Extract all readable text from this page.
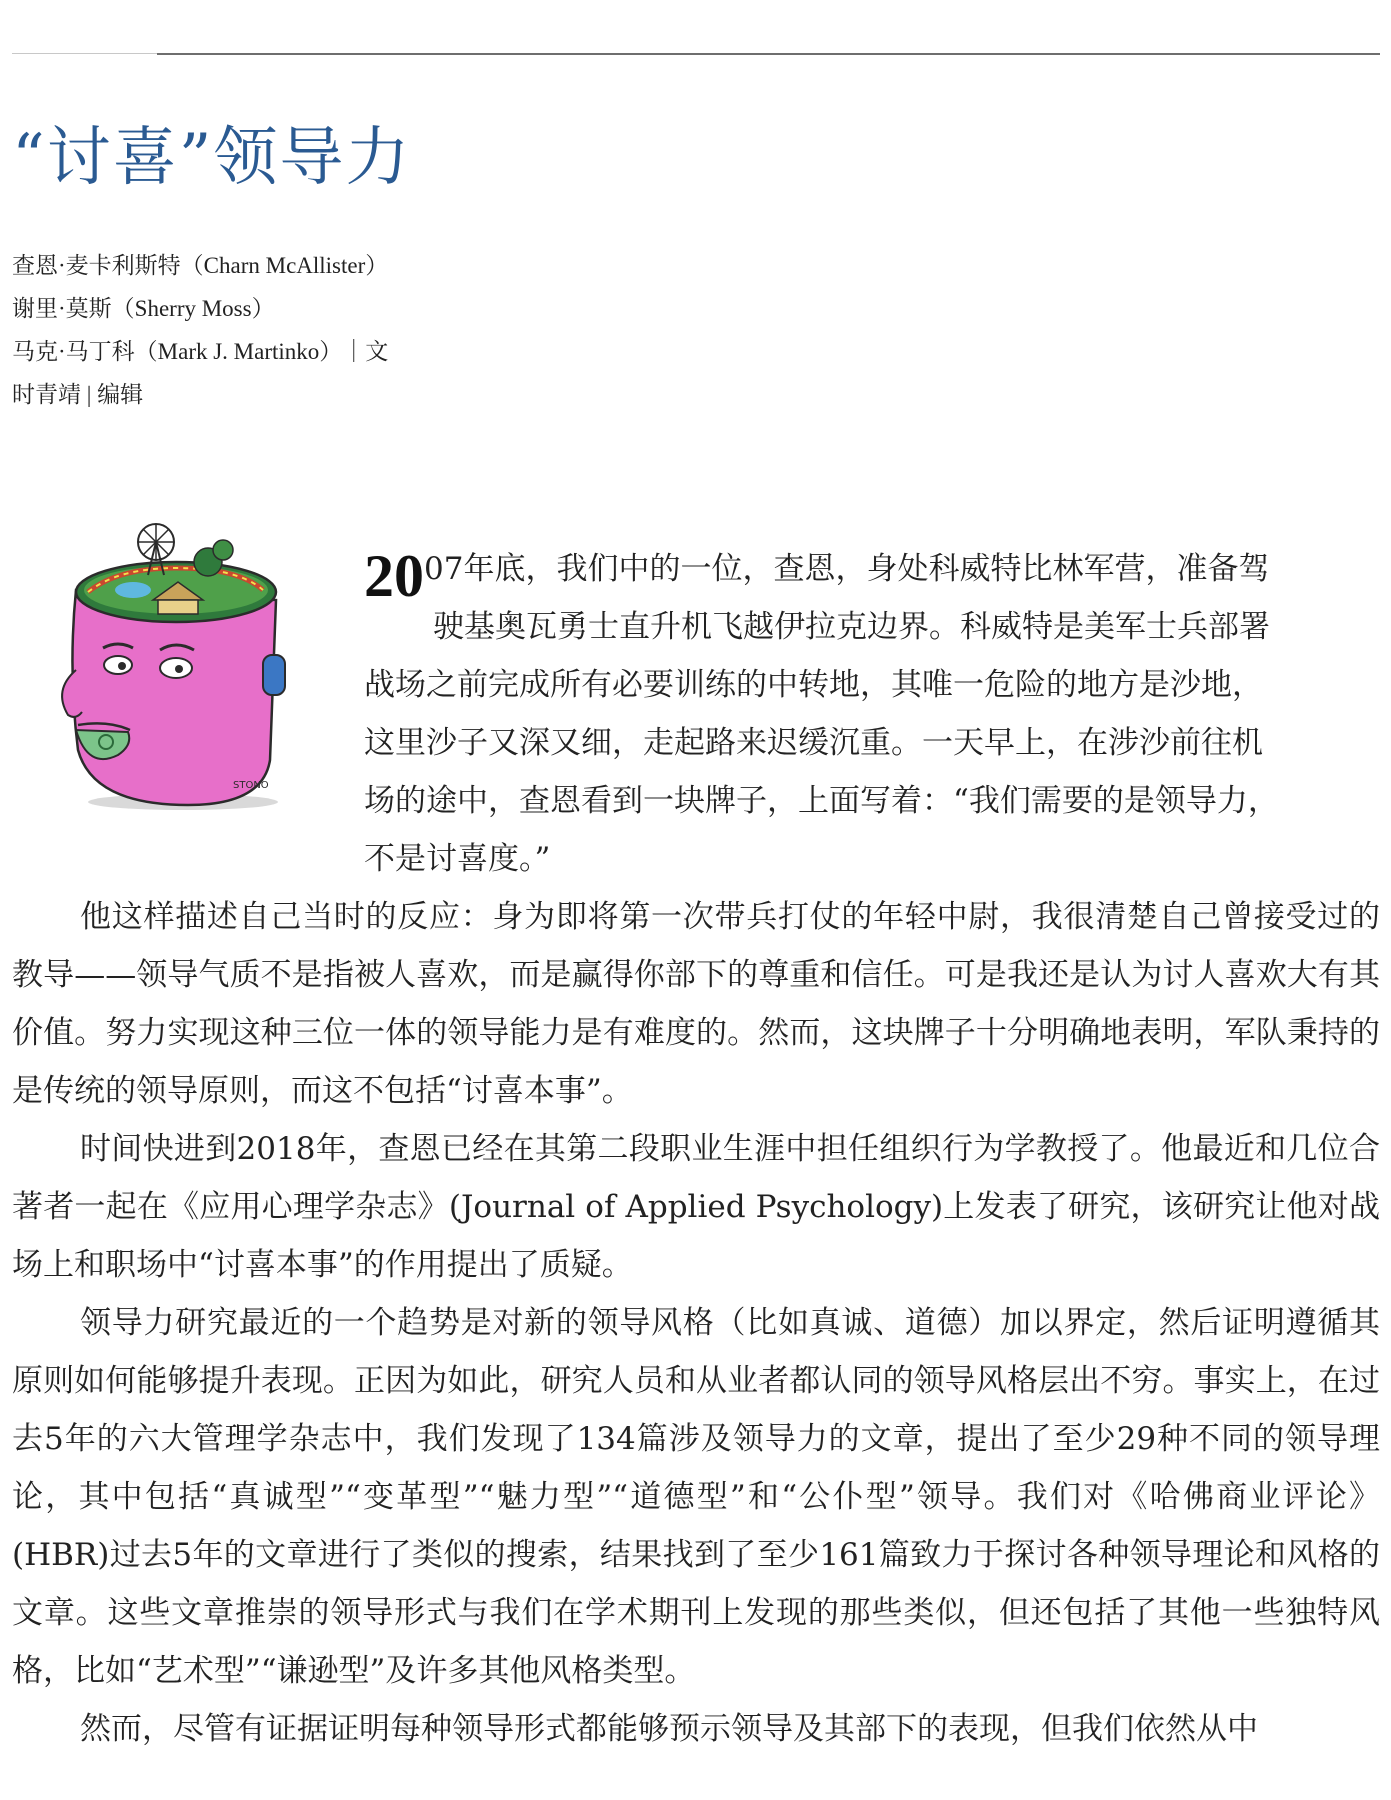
“讨喜”领导力
查恩·麦卡利斯特（Charn McAllister）
谢里·莫斯（Sherry Moss）
马克·马丁科（Mark J. Martinko）｜文
时青靖 | 编辑
STONO
20 07年底，我们中的一位，查恩，身处科威特比林军营，准备驾
驶基奥瓦勇士直升机飞越伊拉克边界。科威特是美军士兵部署
战场之前完成所有必要训练的中转地，其唯一危险的地方是沙地，
这里沙子又深又细，走起路来迟缓沉重。一天早上，在涉沙前往机
场的途中，查恩看到一块牌子，上面写着：“我们需要的是领导力，
不是讨喜度。”

他这样描述自己当时的反应：身为即将第一次带兵打仗的年轻中尉，我很清楚自己曾接受过的教导——领导气质不是指被人喜欢，而是赢得你部下的尊重和信任。可是我还是认为讨人喜欢大有其价值。努力实现这种三位一体的领导能力是有难度的。然而，这块牌子十分明确地表明，军队秉持的是传统的领导原则，而这不包括“讨喜本事”。

时间快进到2018年，查恩已经在其第二段职业生涯中担任组织行为学教授了。他最近和几位合著者一起在《应用心理学杂志》(Journal of Applied Psychology)上发表了研究，该研究让他对战场上和职场中“讨喜本事”的作用提出了质疑。

领导力研究最近的一个趋势是对新的领导风格（比如真诚、道德）加以界定，然后证明遵循其原则如何能够提升表现。正因为如此，研究人员和从业者都认同的领导风格层出不穷。事实上，在过去5年的六大管理学杂志中，我们发现了134篇涉及领导力的文章，提出了至少29种不同的领导理论，其中包括“真诚型”“变革型”“魅力型”“道德型”和“公仆型”领导。我们对《哈佛商业评论》(HBR)过去5年的文章进行了类似的搜索，结果找到了至少161篇致力于探讨各种领导理论和风格的文章。这些文章推崇的领导形式与我们在学术期刊上发现的那些类似，但还包括了其他一些独特风格，比如“艺术型”“谦逊型”及许多其他风格类型。

然而，尽管有证据证明每种领导形式都能够预示领导及其部下的表现，但我们依然从中
